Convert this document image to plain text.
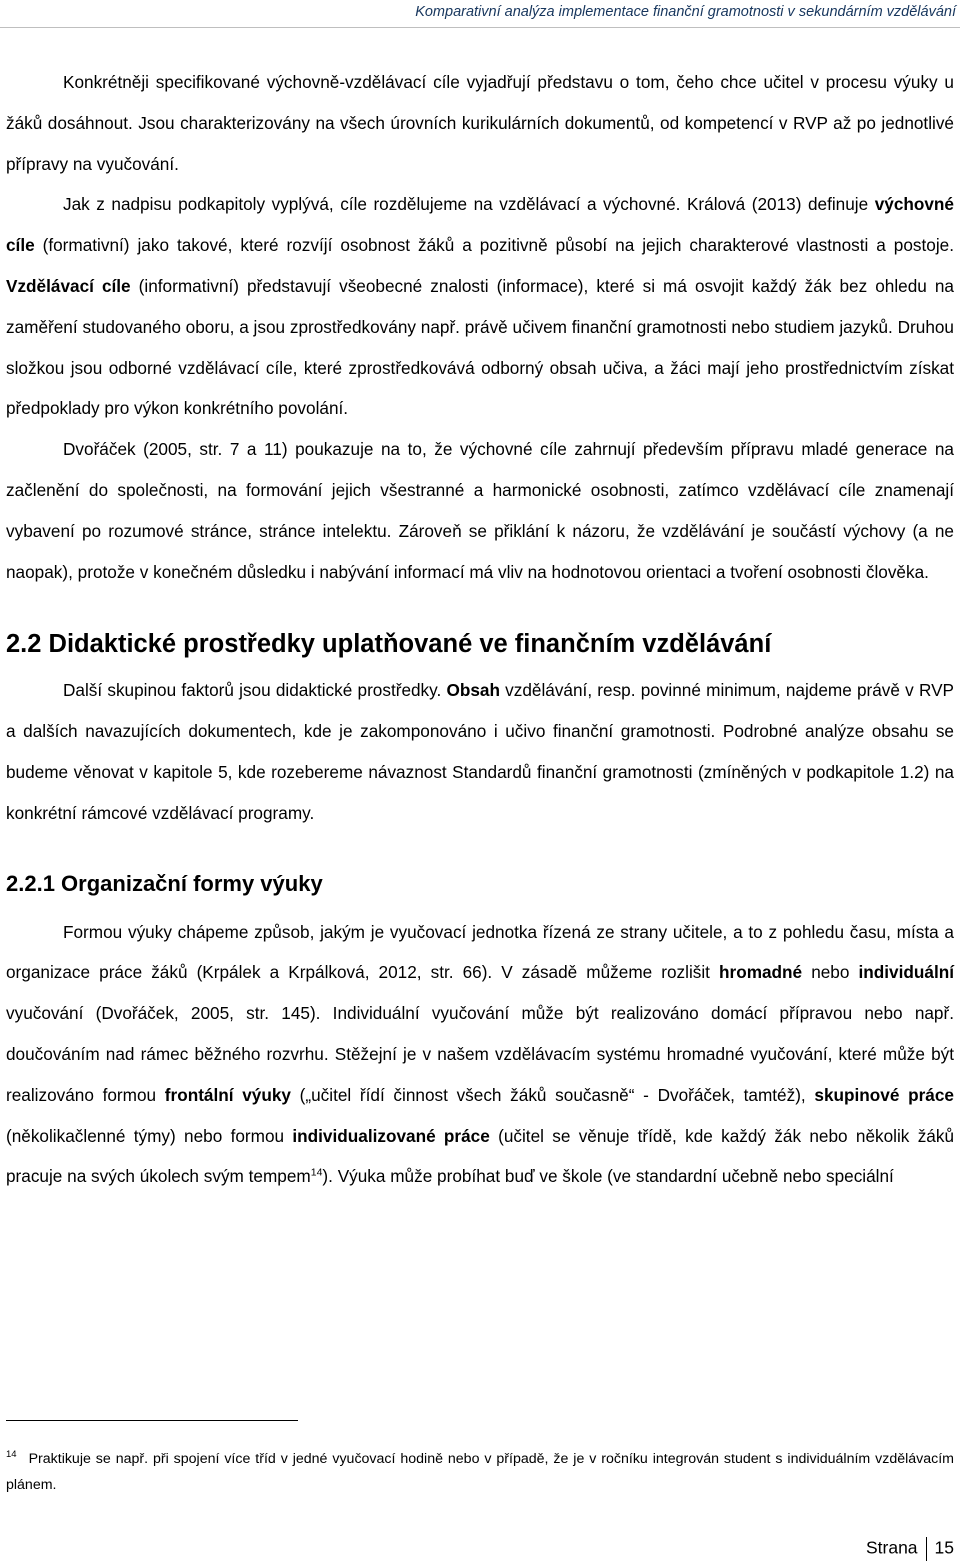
Komparativní analýza implementace finanční gramotnosti v sekundárním vzdělávání

Konkrétněji specifikované výchovně-vzdělávací cíle vyjadřují představu o tom, čeho chce učitel v procesu výuky u žáků dosáhnout. Jsou charakterizovány na všech úrovních kurikulárních dokumentů, od kompetencí v RVP až po jednotlivé přípravy na vyučování.

Jak z nadpisu podkapitoly vyplývá, cíle rozdělujeme na vzdělávací a výchovné. Králová (2013) definuje výchovné cíle (formativní) jako takové, které rozvíjí osobnost žáků a pozitivně působí na jejich charakterové vlastnosti a postoje. Vzdělávací cíle (informativní) představují všeobecné znalosti (informace), které si má osvojit každý žák bez ohledu na zaměření studovaného oboru, a jsou zprostředkovány např. právě učivem finanční gramotnosti nebo studiem jazyků. Druhou složkou jsou odborné vzdělávací cíle, které zprostředkovává odborný obsah učiva, a žáci mají jeho prostřednictvím získat předpoklady pro výkon konkrétního povolání.

Dvořáček (2005, str. 7 a 11) poukazuje na to, že výchovné cíle zahrnují především přípravu mladé generace na začlenění do společnosti, na formování jejich všestranné a harmonické osobnosti, zatímco vzdělávací cíle znamenají vybavení po rozumové stránce, stránce intelektu. Zároveň se přiklání k názoru, že vzdělávání je součástí výchovy (a ne naopak), protože v konečném důsledku i nabývání informací má vliv na hodnotovou orientaci a tvoření osobnosti člověka.

2.2 Didaktické prostředky uplatňované ve finančním vzdělávání

Další skupinou faktorů jsou didaktické prostředky. Obsah vzdělávání, resp. povinné minimum, najdeme právě v RVP a dalších navazujících dokumentech, kde je zakomponováno i učivo finanční gramotnosti. Podrobné analýze obsahu se budeme věnovat v kapitole 5, kde rozebereme návaznost Standardů finanční gramotnosti (zmíněných v podkapitole 1.2) na konkrétní rámcové vzdělávací programy.

2.2.1 Organizační formy výuky

Formou výuky chápeme způsob, jakým je vyučovací jednotka řízená ze strany učitele, a to z pohledu času, místa a organizace práce žáků (Krpálek a Krpálková, 2012, str. 66). V zásadě můžeme rozlišit hromadné nebo individuální vyučování (Dvořáček, 2005, str. 145). Individuální vyučování může být realizováno domácí přípravou nebo např. doučováním nad rámec běžného rozvrhu. Stěžejní je v našem vzdělávacím systému hromadné vyučování, které může být realizováno formou frontální výuky („učitel řídí činnost všech žáků současně“ - Dvořáček, tamtéž), skupinové práce (několikačlenné týmy) nebo formou individualizované práce (učitel se věnuje třídě, kde každý žák nebo několik žáků pracuje na svých úkolech svým tempem$^{14}$). Výuka může probíhat buď ve škole (ve standardní učebně nebo speciální

$^{14}$ Praktikuje se např. při spojení více tříd v jedné vyučovací hodině nebo v případě, že je v ročníku integrován student s individuálním vzdělávacím plánem.
Strana 15
